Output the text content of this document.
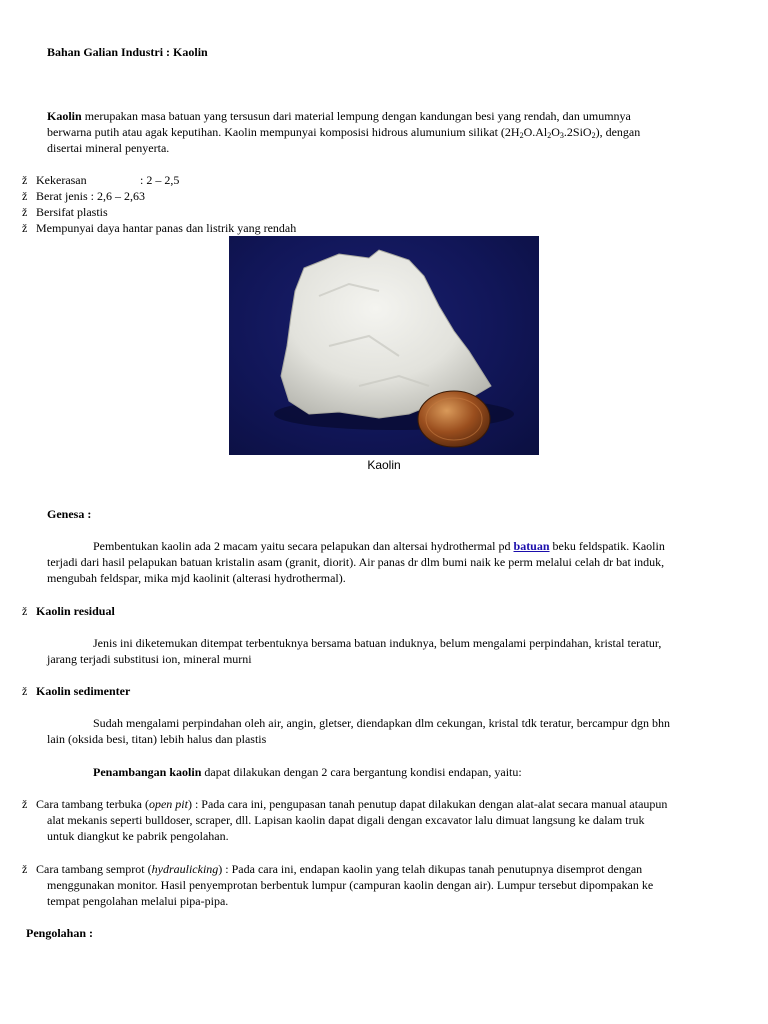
Bahan Galian Industri : Kaolin
Kaolin merupakan masa batuan yang tersusun dari material lempung dengan kandungan besi yang rendah, dan umumnya
berwarna putih atau agak keputihan. Kaolin mempunyai komposisi hidrous alumunium silikat $(2H_2O.Al_2O_3.2SiO_2)$, dengan
disertai mineral penyerta.
ž Kekerasan	: 2 – 2,5
ž Berat jenis : 2,6 – 2,63
ž Bersifat plastis
ž Mempunyai daya hantar panas dan listrik yang rendah
Kaolin
Genesa :
Pembentukan kaolin ada 2 macam yaitu secara pelapukan dan altersai hydrothermal pd batuan beku feldspatik. Kaolin
terjadi dari hasil pelapukan batuan kristalin asam (granit, diorit). Air panas dr dlm bumi naik ke perm melalui celah dr bat induk,
mengubah feldspar, mika mjd kaolinit (alterasi hydrothermal).
ž Kaolin residual
Jenis ini diketemukan ditempat terbentuknya bersama batuan induknya, belum mengalami perpindahan, kristal teratur,
jarang terjadi substitusi ion, mineral murni
ž Kaolin sedimenter
Sudah mengalami perpindahan oleh air, angin, gletser, diendapkan dlm cekungan, kristal tdk teratur, bercampur dgn bhn
lain (oksida besi, titan) lebih halus dan plastis
Penambangan kaolin dapat dilakukan dengan 2 cara bergantung kondisi endapan, yaitu:
ž Cara tambang terbuka (open pit) : Pada cara ini, pengupasan tanah penutup dapat dilakukan dengan alat-alat secara manual ataupun
alat mekanis seperti bulldoser, scraper, dll. Lapisan kaolin dapat digali dengan excavator lalu dimuat langsung ke dalam truk
untuk diangkut ke pabrik pengolahan.
ž Cara tambang semprot (hydraulicking) : Pada cara ini, endapan kaolin yang telah dikupas tanah penutupnya disemprot dengan
menggunakan monitor. Hasil penyemprotan berbentuk lumpur (campuran kaolin dengan air). Lumpur tersebut dipompakan ke
tempat pengolahan melalui pipa-pipa.
Pengolahan :
